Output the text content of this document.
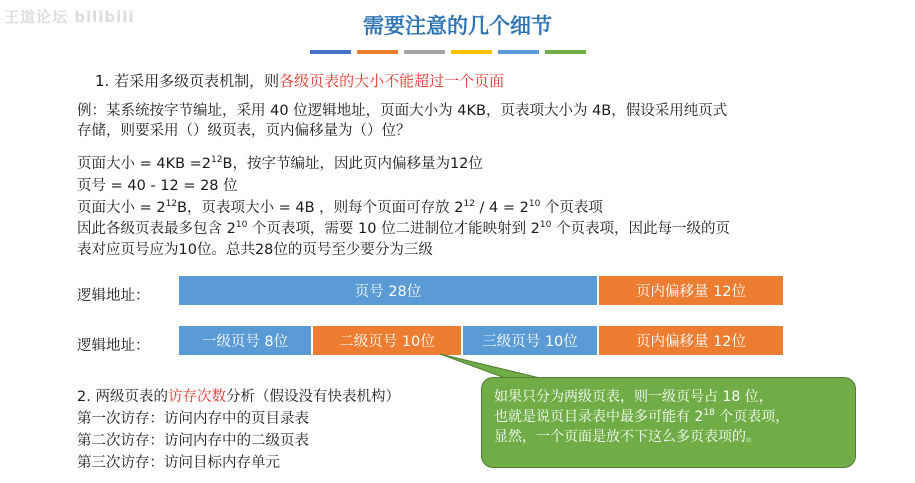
王道论坛 bilibili	需要注意的几个细节
1. 若采用多级页表机制，则各级页表的大小不能超过一个页面
例：某系统按字节编址，采用 40 位逻辑地址，页面大小为 4KB，页表项大小为 4B，假设采用纯页式
存储，则要采用（）级页表，页内偏移量为（）位？
页面大小 = $4KB =2^{12}B$，按字节编址，因此页内偏移量为12位
页号 = 40 - 12 = 28 位
页面大小 = $2^{12}B$，页表项大小 = 4B ，则每个页面可存放 $2^{12} / 4 = 2^{10}$ 个页表项
因此各级页表最多包含 $2^{10}$ 个页表项，需要 10 位二进制位才能映射到 $2^{10}$ 个页表项，因此每一级的页
表对应页号应为10位。总共28位的页号至少要分为三级
逻辑地址：	页号 28位	页内偏移量 12位
逻辑地址：	一级页号 8位	二级页号 10位	三级页号 10位	页内偏移量 12位
2. 两级页表的访存次数分析（假设没有快表机构）
第一次访存：访问内存中的页目录表
第二次访存：访问内存中的二级页表
第三次访存：访问目标内存单元
如果只分为两级页表，则一级页号占 18 位，
也就是说页目录表中最多可能有 $2^{18}$ 个页表项，
显然，一个页面是放不下这么多页表项的。
